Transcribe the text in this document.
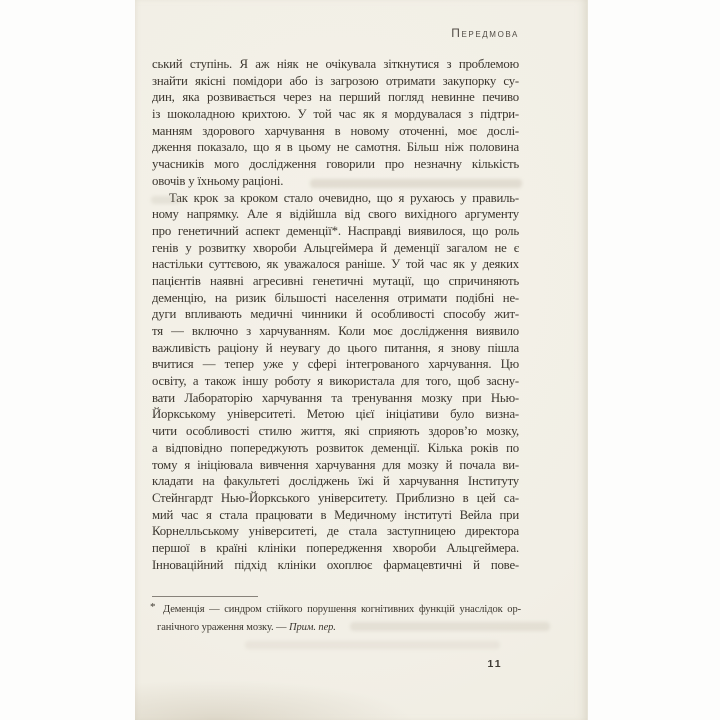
Передмова
ський ступінь. Я аж ніяк не очікувала зіткнутися з проблемою
знайти якісні помідори або із загрозою отримати закупорку су-
дин, яка розвивається через на перший погляд невинне печиво
із шоколадною крихтою. У той час як я мордувалася з підтри-
манням здорового харчування в новому оточенні, моє дослі-
дження показало, що я в цьому не самотня. Більш ніж половина
учасників мого дослідження говорили про незначну кількість
овочів у їхньому раціоні.
Так крок за кроком стало очевидно, що я рухаюсь у правиль-
ному напрямку. Але я відійшла від свого вихідного аргументу
про генетичний аспект деменції*. Насправді виявилося, що роль
генів у розвитку хвороби Альцгеймера й деменції загалом не є
настільки суттєвою, як уважалося раніше. У той час як у деяких
пацієнтів наявні агресивні генетичні мутації, що спричиняють
деменцію, на ризик більшості населення отримати подібні не-
дуги впливають медичні чинники й особливості способу жит-
тя — включно з харчуванням. Коли моє дослідження виявило
важливість раціону й неувагу до цього питання, я знову пішла
вчитися — тепер уже у сфері інтегрованого харчування. Цю
освіту, а також іншу роботу я використала для того, щоб засну-
вати Лабораторію харчування та тренування мозку при Нью-
Йоркському університеті. Метою цієї ініціативи було визна-
чити особливості стилю життя, які сприяють здоров’ю мозку,
а відповідно попереджують розвиток деменції. Кілька років по
тому я ініціювала вивчення харчування для мозку й почала ви-
кладати на факультеті досліджень їжі й харчування Інституту
Стейнгардт Нью-Йоркського університету. Приблизно в цей са-
мий час я стала працювати в Медичному інституті Вейла при
Корнелльському університеті, де стала заступницею директора
першої в країні клініки попередження хвороби Альцгеймера.
Інноваційний підхід клініки охоплює фармацевтичні й пове-
* Деменція — синдром стійкого порушення когнітивних функцій унаслідок ор-
ганічного ураження мозку. — Прим. пер.
11
